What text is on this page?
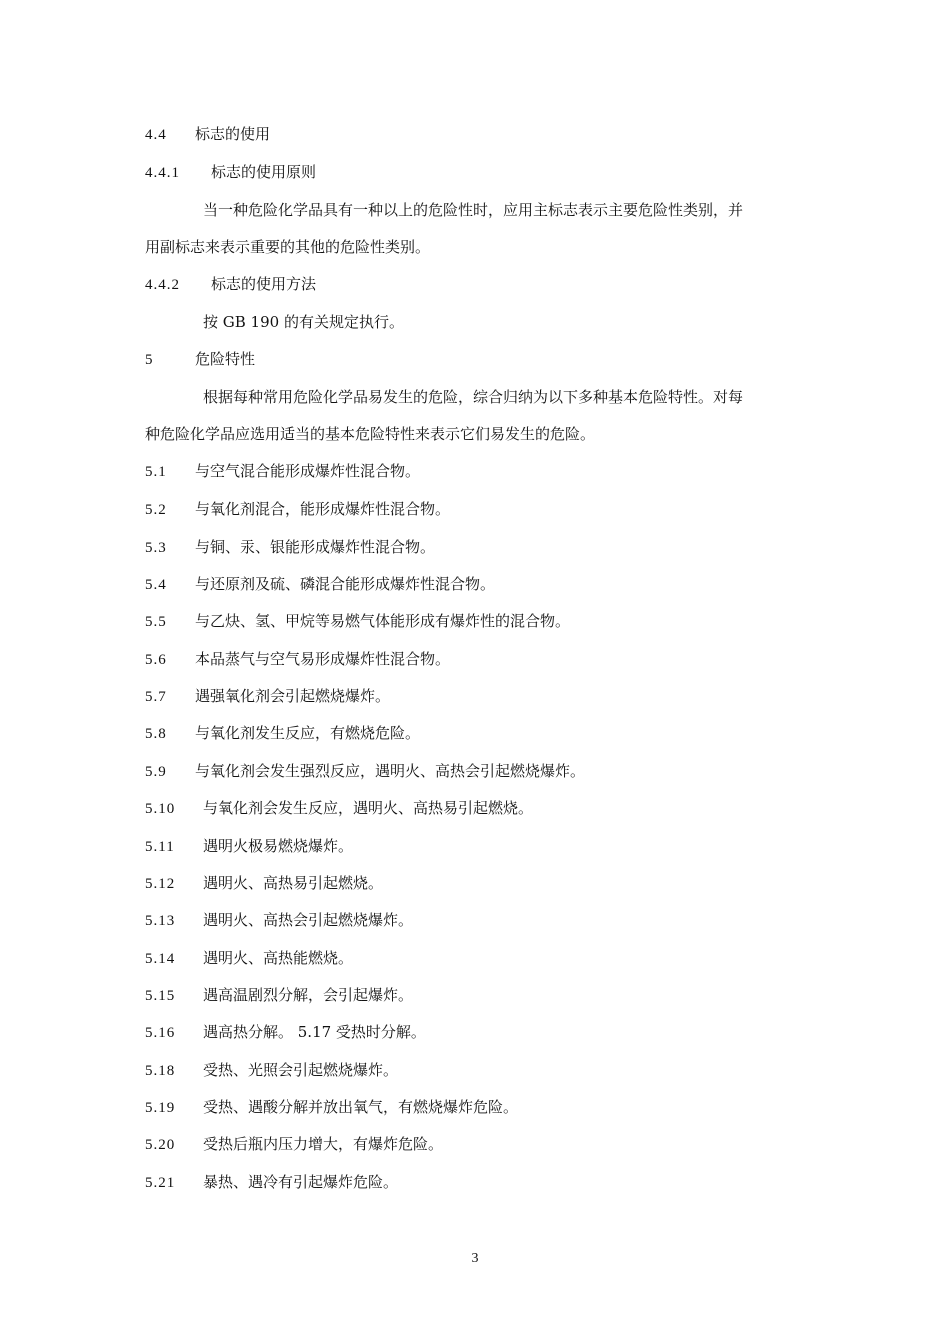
4.4 标志的使用
4.4.1 标志的使用原则
当一种危险化学品具有一种以上的危险性时，应用主标志表示主要危险性类别，并
用副标志来表示重要的其他的危险性类别。
4.4.2 标志的使用方法
按 GB 190 的有关规定执行。
5	危险特性
根据每种常用危险化学品易发生的危险，综合归纳为以下多种基本危险特性。对每
种危险化学品应选用适当的基本危险特性来表示它们易发生的危险。
5.1 与空气混合能形成爆炸性混合物。
5.2 与氧化剂混合，能形成爆炸性混合物。
5.3 与铜、汞、银能形成爆炸性混合物。
5.4 与还原剂及硫、磷混合能形成爆炸性混合物。
5.5 与乙炔、氢、甲烷等易燃气体能形成有爆炸性的混合物。
5.6 本品蒸气与空气易形成爆炸性混合物。
5.7 遇强氧化剂会引起燃烧爆炸。
5.8 与氧化剂发生反应，有燃烧危险。
5.9 与氧化剂会发生强烈反应，遇明火、高热会引起燃烧爆炸。
5.10 与氧化剂会发生反应，遇明火、高热易引起燃烧。
5.11 遇明火极易燃烧爆炸。
5.12 遇明火、高热易引起燃烧。
5.13 遇明火、高热会引起燃烧爆炸。
5.14 遇明火、高热能燃烧。
5.15 遇高温剧烈分解，会引起爆炸。
5.16 遇高热分解。 5.17 受热时分解。
5.18 受热、光照会引起燃烧爆炸。
5.19 受热、遇酸分解并放出氧气，有燃烧爆炸危险。
5.20 受热后瓶内压力增大，有爆炸危险。
5.21 暴热、遇冷有引起爆炸危险。
3
